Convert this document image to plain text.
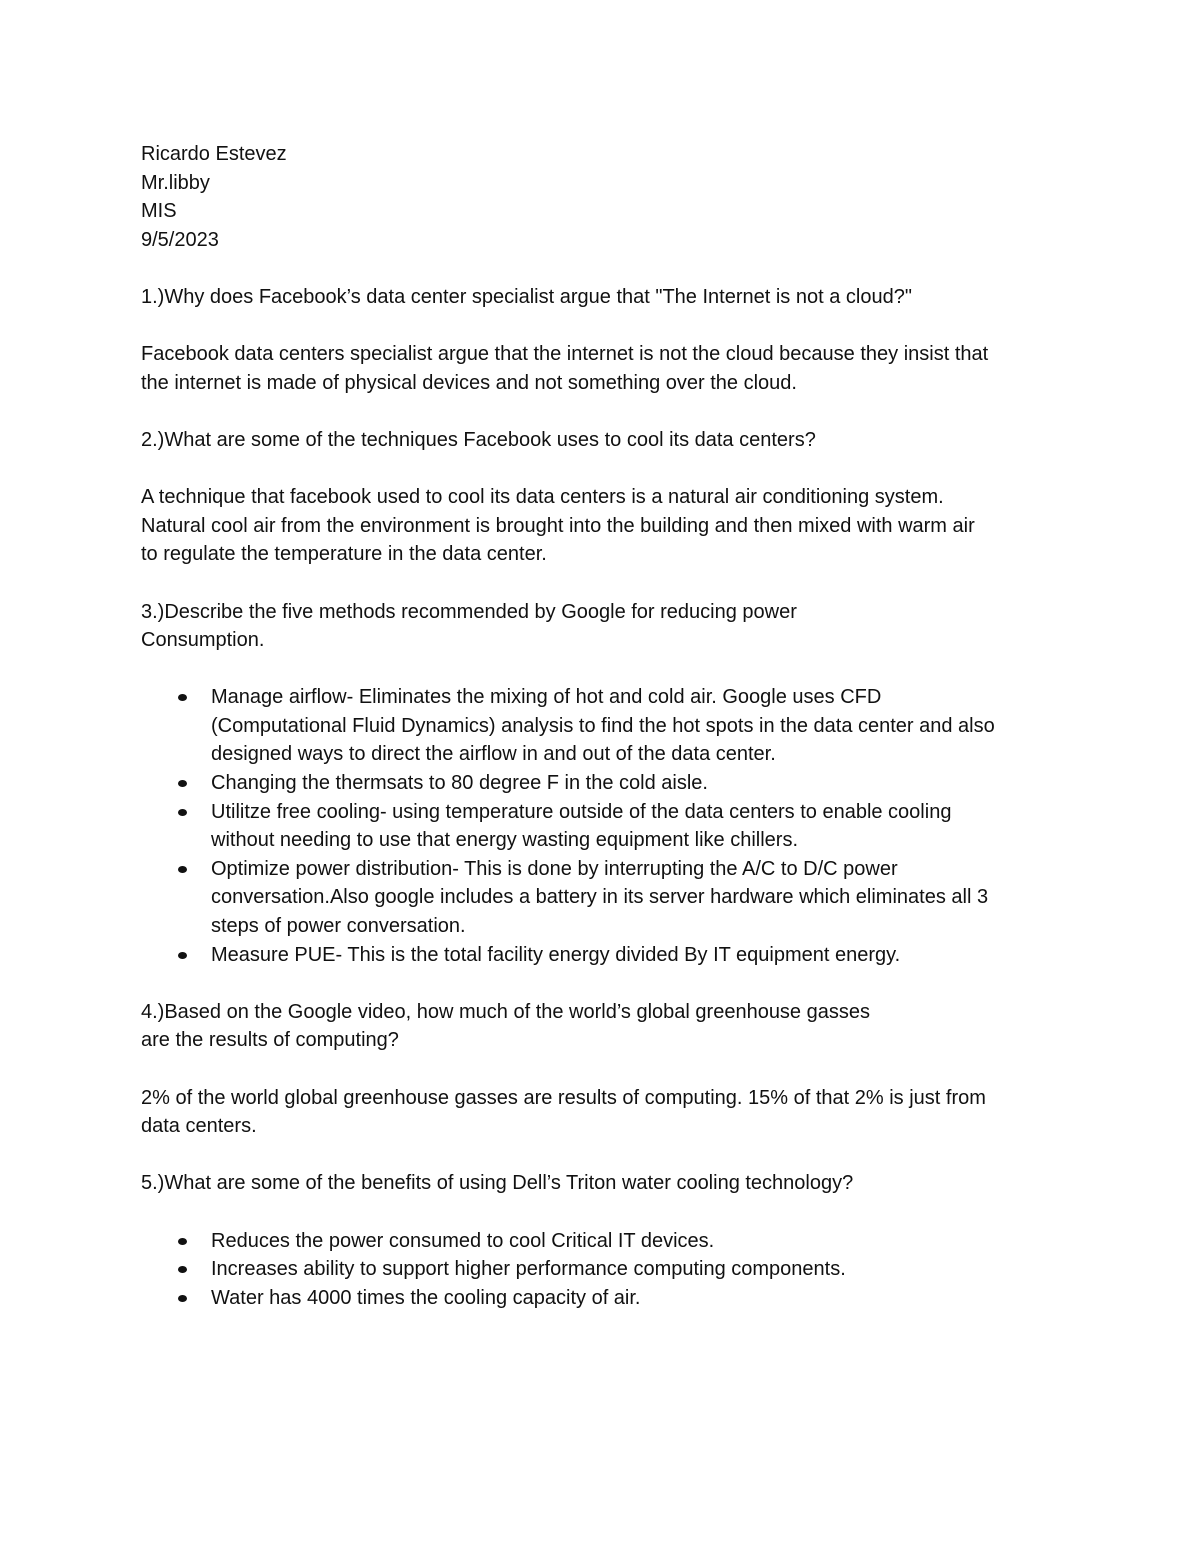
Ricardo Estevez

Mr.libby

MIS

9/5/2023

1.)Why does Facebook’s data center specialist argue that "The Internet is not a cloud?"

Facebook data centers specialist argue that the internet is not the cloud because they insist that

the internet is made of physical devices and not something over the cloud.

2.)What are some of the techniques Facebook uses to cool its data centers?

A technique that facebook used to cool its data centers is a natural air conditioning system.

Natural cool air from the environment is brought into the building and then mixed with warm air

to regulate the temperature in the data center.

3.)Describe the five methods recommended by Google for reducing power

Consumption.

Manage airflow- Eliminates the mixing of hot and cold air. Google uses CFD

(Computational Fluid Dynamics) analysis to find the hot spots in the data center and also

designed ways to direct the airflow in and out of the data center.

Changing the thermsats to 80 degree F in the cold aisle.

Utilitze free cooling- using temperature outside of the data centers to enable cooling

without needing to use that energy wasting equipment like chillers.

Optimize power distribution- This is done by interrupting the A/C to D/C power

conversation.Also google includes a battery in its server hardware which eliminates all 3

steps of power conversation.

Measure PUE- This is the total facility energy divided By IT equipment energy.

4.)Based on the Google video, how much of the world’s global greenhouse gasses

are the results of computing?

2% of the world global greenhouse gasses are results of computing. 15% of that 2% is just from

data centers.

5.)What are some of the benefits of using Dell’s Triton water cooling technology?

Reduces the power consumed to cool Critical IT devices.

Increases ability to support higher performance computing components.

Water has 4000 times the cooling capacity of air.
